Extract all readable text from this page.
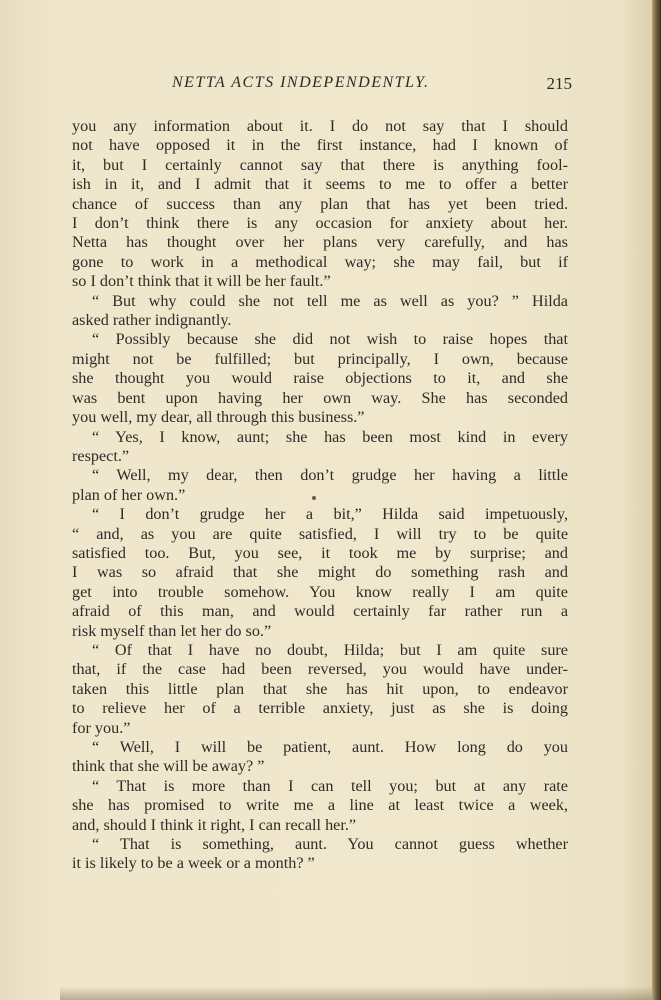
NETTA ACTS INDEPENDENTLY.	215
you any information about it. I do not say that I should
not have opposed it in the first instance, had I known of
it, but I certainly cannot say that there is anything fool-
ish in it, and I admit that it seems to me to offer a better
chance of success than any plan that has yet been tried.
I don’t think there is any occasion for anxiety about her.
Netta has thought over her plans very carefully, and has
gone to work in a methodical way; she may fail, but if
so I don’t think that it will be her fault.”
“ But why could she not tell me as well as you? ” Hilda
asked rather indignantly.
“ Possibly because she did not wish to raise hopes that
might not be fulfilled; but principally, I own, because
she thought you would raise objections to it, and she
was bent upon having her own way. She has seconded
you well, my dear, all through this business.”
“ Yes, I know, aunt; she has been most kind in every
respect.”
“ Well, my dear, then don’t grudge her having a little
plan of her own.”
“ I don’t grudge her a bit,” Hilda said impetuously,
“ and, as you are quite satisfied, I will try to be quite
satisfied too. But, you see, it took me by surprise; and
I was so afraid that she might do something rash and
get into trouble somehow. You know really I am quite
afraid of this man, and would certainly far rather run a
risk myself than let her do so.”
“ Of that I have no doubt, Hilda; but I am quite sure
that, if the case had been reversed, you would have under-
taken this little plan that she has hit upon, to endeavor
to relieve her of a terrible anxiety, just as she is doing
for you.”
“ Well, I will be patient, aunt. How long do you
think that she will be away? ”
“ That is more than I can tell you; but at any rate
she has promised to write me a line at least twice a week,
and, should I think it right, I can recall her.”
“ That is something, aunt. You cannot guess whether
it is likely to be a week or a month? ”
